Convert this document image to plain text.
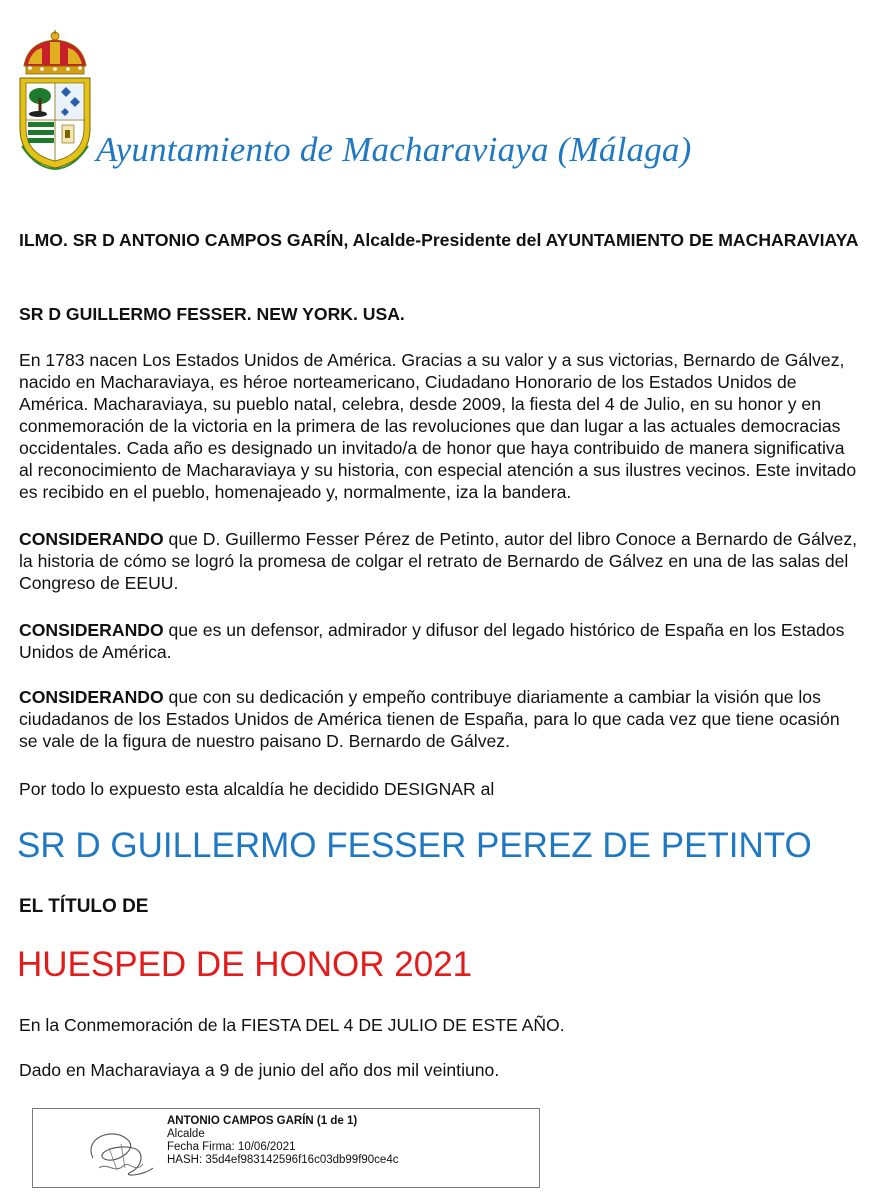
Ayuntamiento de Macharaviaya (Málaga)
ILMO. SR D ANTONIO CAMPOS GARÍN, Alcalde-Presidente del AYUNTAMIENTO DE MACHARAVIAYA
SR D GUILLERMO FESSER. NEW YORK. USA.
En 1783 nacen Los Estados Unidos de América. Gracias a su valor y a sus victorias, Bernardo de Gálvez, nacido en Macharaviaya, es héroe norteamericano, Ciudadano Honorario de los Estados Unidos de América. Macharaviaya, su pueblo natal, celebra, desde 2009, la fiesta del 4 de Julio, en su honor y en conmemoración de la victoria en la primera de las revoluciones que dan lugar a las actuales democracias occidentales. Cada año es designado un invitado/a de honor que haya contribuido de manera significativa al reconocimiento de Macharaviaya y su historia, con especial atención a sus ilustres vecinos. Este invitado es recibido en el pueblo, homenajeado y, normalmente, iza la bandera.
CONSIDERANDO que D. Guillermo Fesser Pérez de Petinto, autor del libro Conoce a Bernardo de Gálvez, la historia de cómo se logró la promesa de colgar el retrato de Bernardo de Gálvez en una de las salas del Congreso de EEUU.
CONSIDERANDO que es un defensor, admirador y difusor del legado histórico de España en los Estados Unidos de América.
CONSIDERANDO que con su dedicación y empeño contribuye diariamente a cambiar la visión que los ciudadanos de los Estados Unidos de América tienen de España, para lo que cada vez que tiene ocasión se vale de la figura de nuestro paisano D. Bernardo de Gálvez.
Por todo lo expuesto esta alcaldía he decidido DESIGNAR al
SR D GUILLERMO FESSER PEREZ DE PETINTO
EL TÍTULO DE
HUESPED DE HONOR 2021
En la Conmemoración de la FIESTA DEL 4 DE JULIO DE ESTE AÑO.
Dado en Macharaviaya a 9 de junio del año dos mil veintiuno.
ANTONIO CAMPOS GARÍN (1 de 1)
Alcalde
Fecha Firma: 10/06/2021
HASH: 35d4ef983142596f16c03db99f90ce4c
